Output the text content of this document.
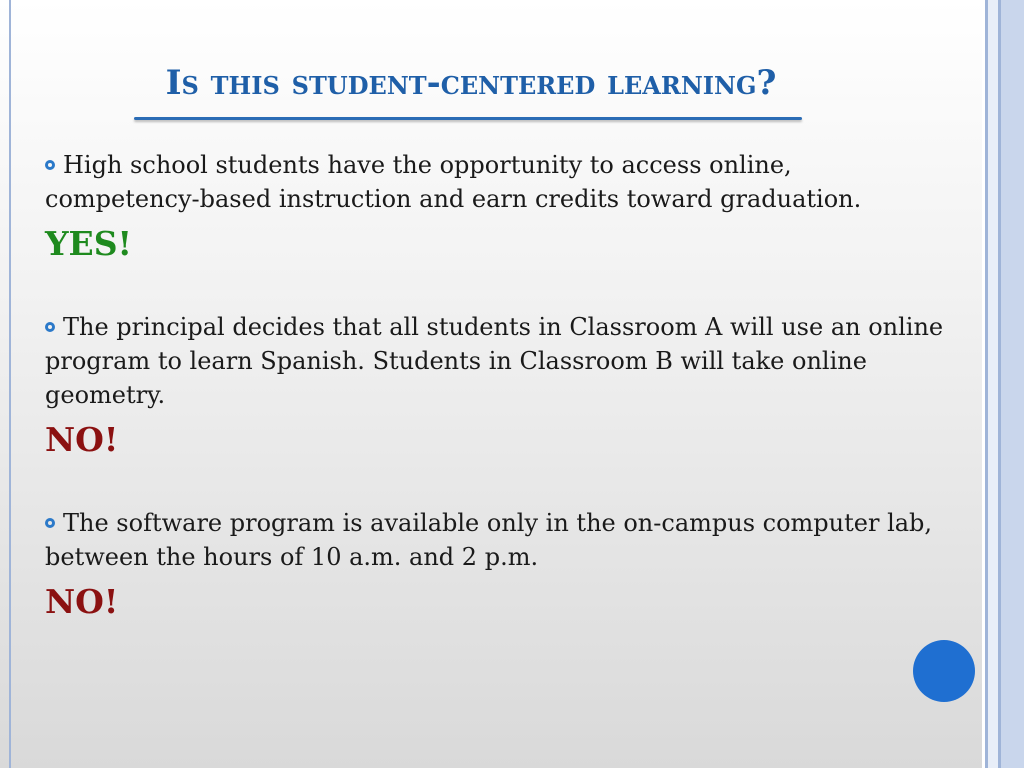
Is this student-centered learning?

High school students have the opportunity to access online, competency-based instruction and earn credits toward graduation.

YES!

The principal decides that all students in Classroom A will use an online program to learn Spanish. Students in Classroom B will take online geometry.

NO!

The software program is available only in the on-campus computer lab, between the hours of 10 a.m. and 2 p.m.

NO!
